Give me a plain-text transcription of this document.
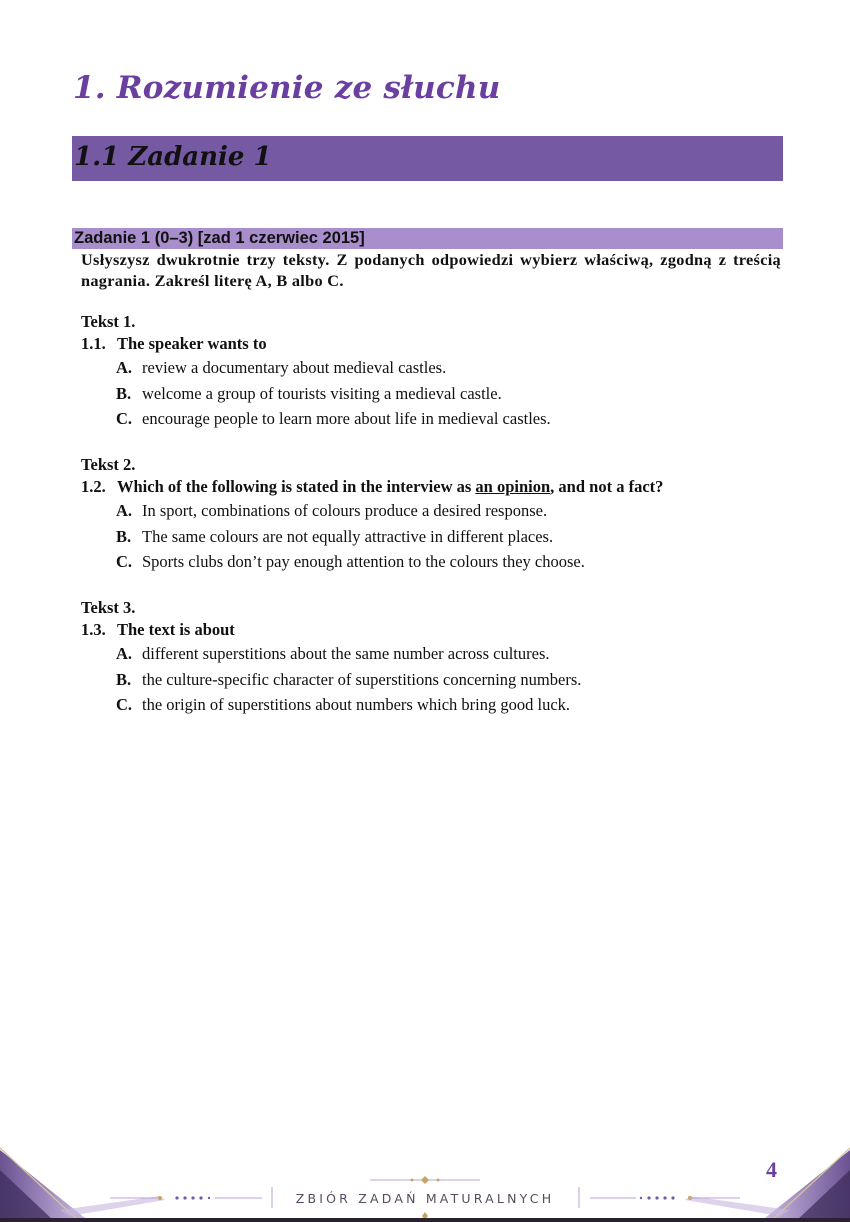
1. Rozumienie ze słuchu
1.1 Zadanie 1
Zadanie 1 (0–3) [zad 1 czerwiec 2015]
Usłyszysz dwukrotnie trzy teksty. Z podanych odpowiedzi wybierz właściwą, zgodną z treścią nagrania. Zakreśl literę A, B albo C.
Tekst 1.
1.1. The speaker wants to
A. review a documentary about medieval castles.
B. welcome a group of tourists visiting a medieval castle.
C. encourage people to learn more about life in medieval castles.
Tekst 2.
1.2. Which of the following is stated in the interview as an opinion, and not a fact?
A. In sport, combinations of colours produce a desired response.
B. The same colours are not equally attractive in different places.
C. Sports clubs don’t pay enough attention to the colours they choose.
Tekst 3.
1.3. The text is about
A. different superstitions about the same number across cultures.
B. the culture-specific character of superstitions concerning numbers.
C. the origin of superstitions about numbers which bring good luck.
ZBIÓR ZADAŃ MATURALNYCH
4
